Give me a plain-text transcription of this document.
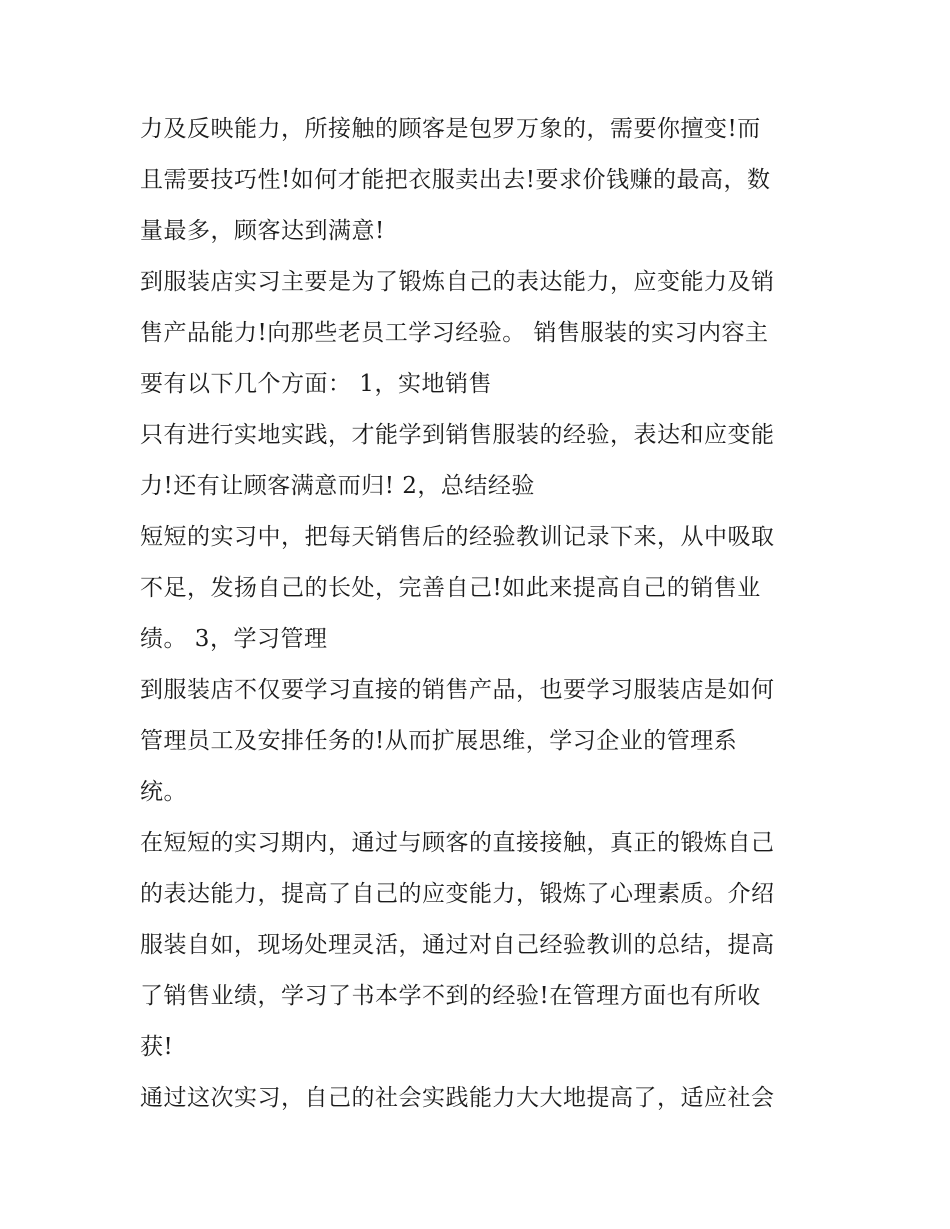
力及反映能力，所接触的顾客是包罗万象的，需要你擅变!而
且需要技巧性!如何才能把衣服卖出去!要求价钱赚的最高，数
量最多，顾客达到满意!
到服装店实习主要是为了锻炼自己的表达能力，应变能力及销
售产品能力!向那些老员工学习经验。 销售服装的实习内容主
要有以下几个方面： 1，实地销售
只有进行实地实践，才能学到销售服装的经验，表达和应变能
力!还有让顾客满意而归! 2，总结经验
短短的实习中，把每天销售后的经验教训记录下来，从中吸取
不足，发扬自己的长处，完善自己!如此来提高自己的销售业
绩。 3，学习管理
到服装店不仅要学习直接的销售产品，也要学习服装店是如何
管理员工及安排任务的!从而扩展思维，学习企业的管理系
统。
在短短的实习期内，通过与顾客的直接接触，真正的锻炼自己
的表达能力，提高了自己的应变能力，锻炼了心理素质。介绍
服装自如，现场处理灵活，通过对自己经验教训的总结，提高
了销售业绩，学习了书本学不到的经验!在管理方面也有所收
获!
通过这次实习，自己的社会实践能力大大地提高了，适应社会
